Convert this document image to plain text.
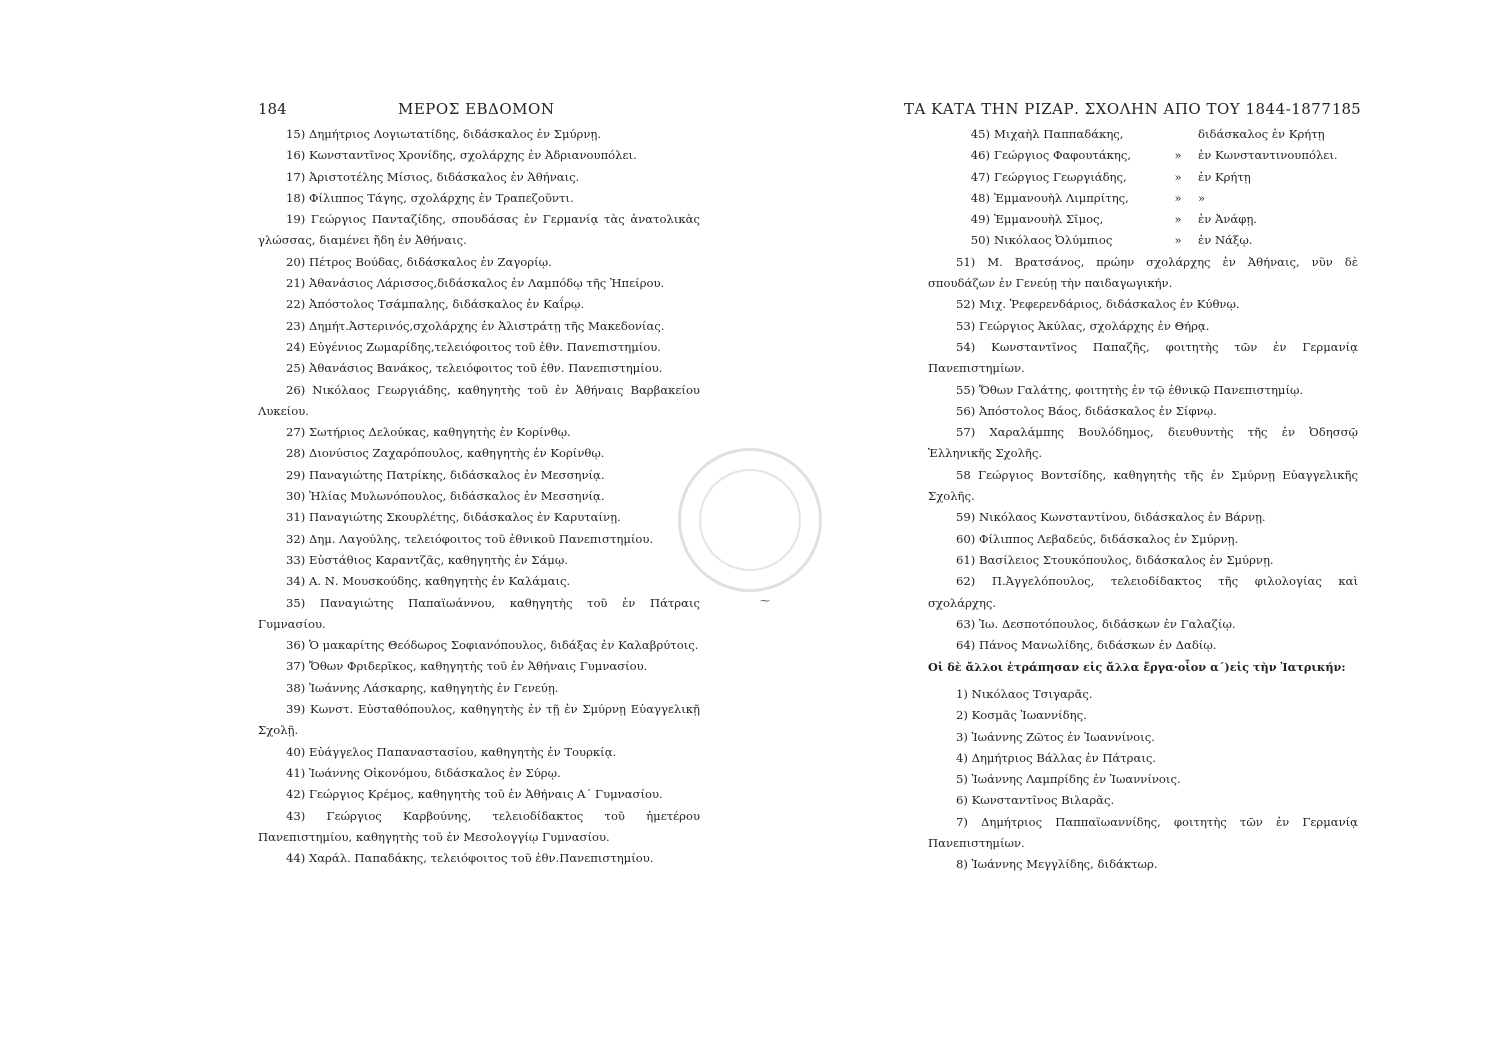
184	ΜΕΡΟΣ ΕΒΔΟΜΟΝ
15) Δημήτριος Λογιωτατίδης, διδάσκαλος ἐν Σμύρνῃ.
16) Κωνσταντῖνος Χρονίδης, σχολάρχης ἐν Ἀδριανουπόλει.
17) Ἀριστοτέλης Μίσιος, διδάσκαλος ἐν Ἀθήναις.
18) Φίλιππος Τάγης, σχολάρχης ἐν Τραπεζοῦντι.
19) Γεώργιος Πανταζίδης, σπουδάσας ἐν Γερμανίᾳ τὰς ἀνατολικὰς γλώσσας, διαμένει ἤδη ἐν Ἀθήναις.
20) Πέτρος Βούδας, διδάσκαλος ἐν Ζαγορίῳ.
21) Ἀθανάσιος Λάρισσος,διδάσκαλος ἐν Λαμπόδῳ τῆς Ἠπείρου.
22) Ἀπόστολος Τσάμπαλης, διδάσκαλος ἐν Καΐρῳ.
23) Δημήτ.Ἀστερινός,σχολάρχης ἐν Ἀλιστράτῃ τῆς Μακεδονίας.
24) Εὐγένιος Ζωμαρίδης,τελειόφοιτος τοῦ ἐθν. Πανεπιστημίου.
25) Ἀθανάσιος Βανάκος, τελειόφοιτος τοῦ ἐθν. Πανεπιστημίου.
26) Νικόλαος Γεωργιάδης, καθηγητὴς τοῦ ἐν Ἀθήναις Βαρβακείου Λυκείου.
27) Σωτήριος Δελούκας, καθηγητὴς ἐν Κορίνθῳ.
28) Διονύσιος Ζαχαρόπουλος, καθηγητὴς ἐν Κορίνθῳ.
29) Παναγιώτης Πατρίκης, διδάσκαλος ἐν Μεσσηνίᾳ.
30) Ἠλίας Μυλωνόπουλος, διδάσκαλος ἐν Μεσσηνίᾳ.
31) Παναγιώτης Σκουρλέτης, διδάσκαλος ἐν Καρυταίνῃ.
32) Δημ. Λαγούλης, τελειόφοιτος τοῦ ἐθνικοῦ Πανεπιστημίου.
33) Εὐστάθιος Καραντζᾶς, καθηγητὴς ἐν Σάμῳ.
34) Α. Ν. Μουσκούδης, καθηγητὴς ἐν Καλάμαις.
35) Παναγιώτης Παπαϊωάννου, καθηγητὴς τοῦ ἐν Πάτραις Γυμνασίου.
36) Ὁ μακαρίτης Θεόδωρος Σοφιανόπουλος, διδάξας ἐν Καλαβρύτοις.
37) Ὄθων Φριδερῖκος, καθηγητὴς τοῦ ἐν Ἀθήναις Γυμνασίου.
38) Ἰωάννης Λάσκαρης, καθηγητὴς ἐν Γενεύῃ.
39) Κωνστ. Εὐσταθόπουλος, καθηγητὴς ἐν τῇ ἐν Σμύρνῃ Εὐαγγελικῇ Σχολῇ.
40) Εὐάγγελος Παπαναστασίου, καθηγητὴς ἐν Τουρκίᾳ.
41) Ἰωάννης Οἰκονόμου, διδάσκαλος ἐν Σύρῳ.
42) Γεώργιος Κρέμος, καθηγητὴς τοῦ ἐν Ἀθήναις Α΄ Γυμνασίου.
43) Γεώργιος Καρβούνης, τελειοδίδακτος τοῦ ἡμετέρου Πανεπιστημίου, καθηγητὴς τοῦ ἐν Μεσολογγίῳ Γυμνασίου.
44) Χαράλ. Παπαδάκης, τελειόφοιτος τοῦ ἐθν.Πανεπιστημίου.
ΤΑ ΚΑΤΑ ΤΗΝ ΡΙΖΑΡ. ΣΧΟΛΗΝ ΑΠΟ ΤΟΥ 1844-1877 185
45) Μιχαὴλ Παππαδάκης,	διδάσκαλος ἐν Κρήτῃ
46) Γεώργιος Φαφουτάκης,	» ἐν Κωνσταντινουπόλει.
47) Γεώργιος Γεωργιάδης,	» ἐν Κρήτῃ
48) Ἐμμανουὴλ Λιμπρίτης,	» »
49) Ἐμμανουὴλ Σῖμος,	» ἐν Ἀνάφῃ.
50) Νικόλαος Ὀλύμπιος	» ἐν Νάξῳ.
51) Μ. Βρατσάνος, πρώην σχολάρχης ἐν Ἀθήναις, νῦν δὲ σπουδάζων ἐν Γενεύῃ τὴν παιδαγωγικήν.
52) Μιχ. Ῥεφερενδάριος, διδάσκαλος ἐν Κύθνῳ.
53) Γεώργιος Ἀκύλας, σχολάρχης ἐν Θήρᾳ.
54) Κωνσταντῖνος Παπαζῆς, φοιτητὴς τῶν ἐν Γερμανίᾳ Πανεπιστημίων.
55) Ὄθων Γαλάτης, φοιτητὴς ἐν τῷ ἐθνικῷ Πανεπιστημίῳ.
56) Ἀπόστολος Βάος, διδάσκαλος ἐν Σίφνῳ.
57) Χαραλάμπης Βουλόδημος, διευθυντὴς τῆς ἐν Ὀδησσῷ Ἑλληνικῆς Σχολῆς.
58 Γεώργιος Βοντσίδης, καθηγητὴς τῆς ἐν Σμύρνῃ Εὐαγγελικῆς Σχολῆς.
59) Νικόλαος Κωνσταντίνου, διδάσκαλος ἐν Βάρνῃ.
60) Φίλιππος Λεβαδεύς, διδάσκαλος ἐν Σμύρνῃ.
61) Βασίλειος Στουκόπουλος, διδάσκαλος ἐν Σμύρνῃ.
62) Π.Ἀγγελόπουλος, τελειοδίδακτος τῆς φιλολογίας καὶ σχολάρχης.
63) Ἰω. Δεσποτόπουλος, διδάσκων ἐν Γαλαζίῳ.
64) Πάνος Μανωλίδης, διδάσκων ἐν Δαδίῳ.
Οἱ δὲ ἄλλοι ἐτράπησαν εἰς ἄλλα ἔργα·οἷον α΄)εἰς τὴν Ἰατρικήν:
1) Νικόλαος Τσιγαρᾶς.
2) Κοσμᾶς Ἰωαννίδης.
3) Ἰωάννης Ζῶτος ἐν Ἰωαννίνοις.
4) Δημήτριος Βάλλας ἐν Πάτραις.
5) Ἰωάννης Λαμπρίδης ἐν Ἰωαννίνοις.
6) Κωνσταντῖνος Βιλαρᾶς.
7) Δημήτριος Παππαϊωαννίδης, φοιτητὴς τῶν ἐν Γερμανίᾳ Πανεπιστημίων.
8) Ἰωάννης Μεγγλίδης, διδάκτωρ.
⁓
